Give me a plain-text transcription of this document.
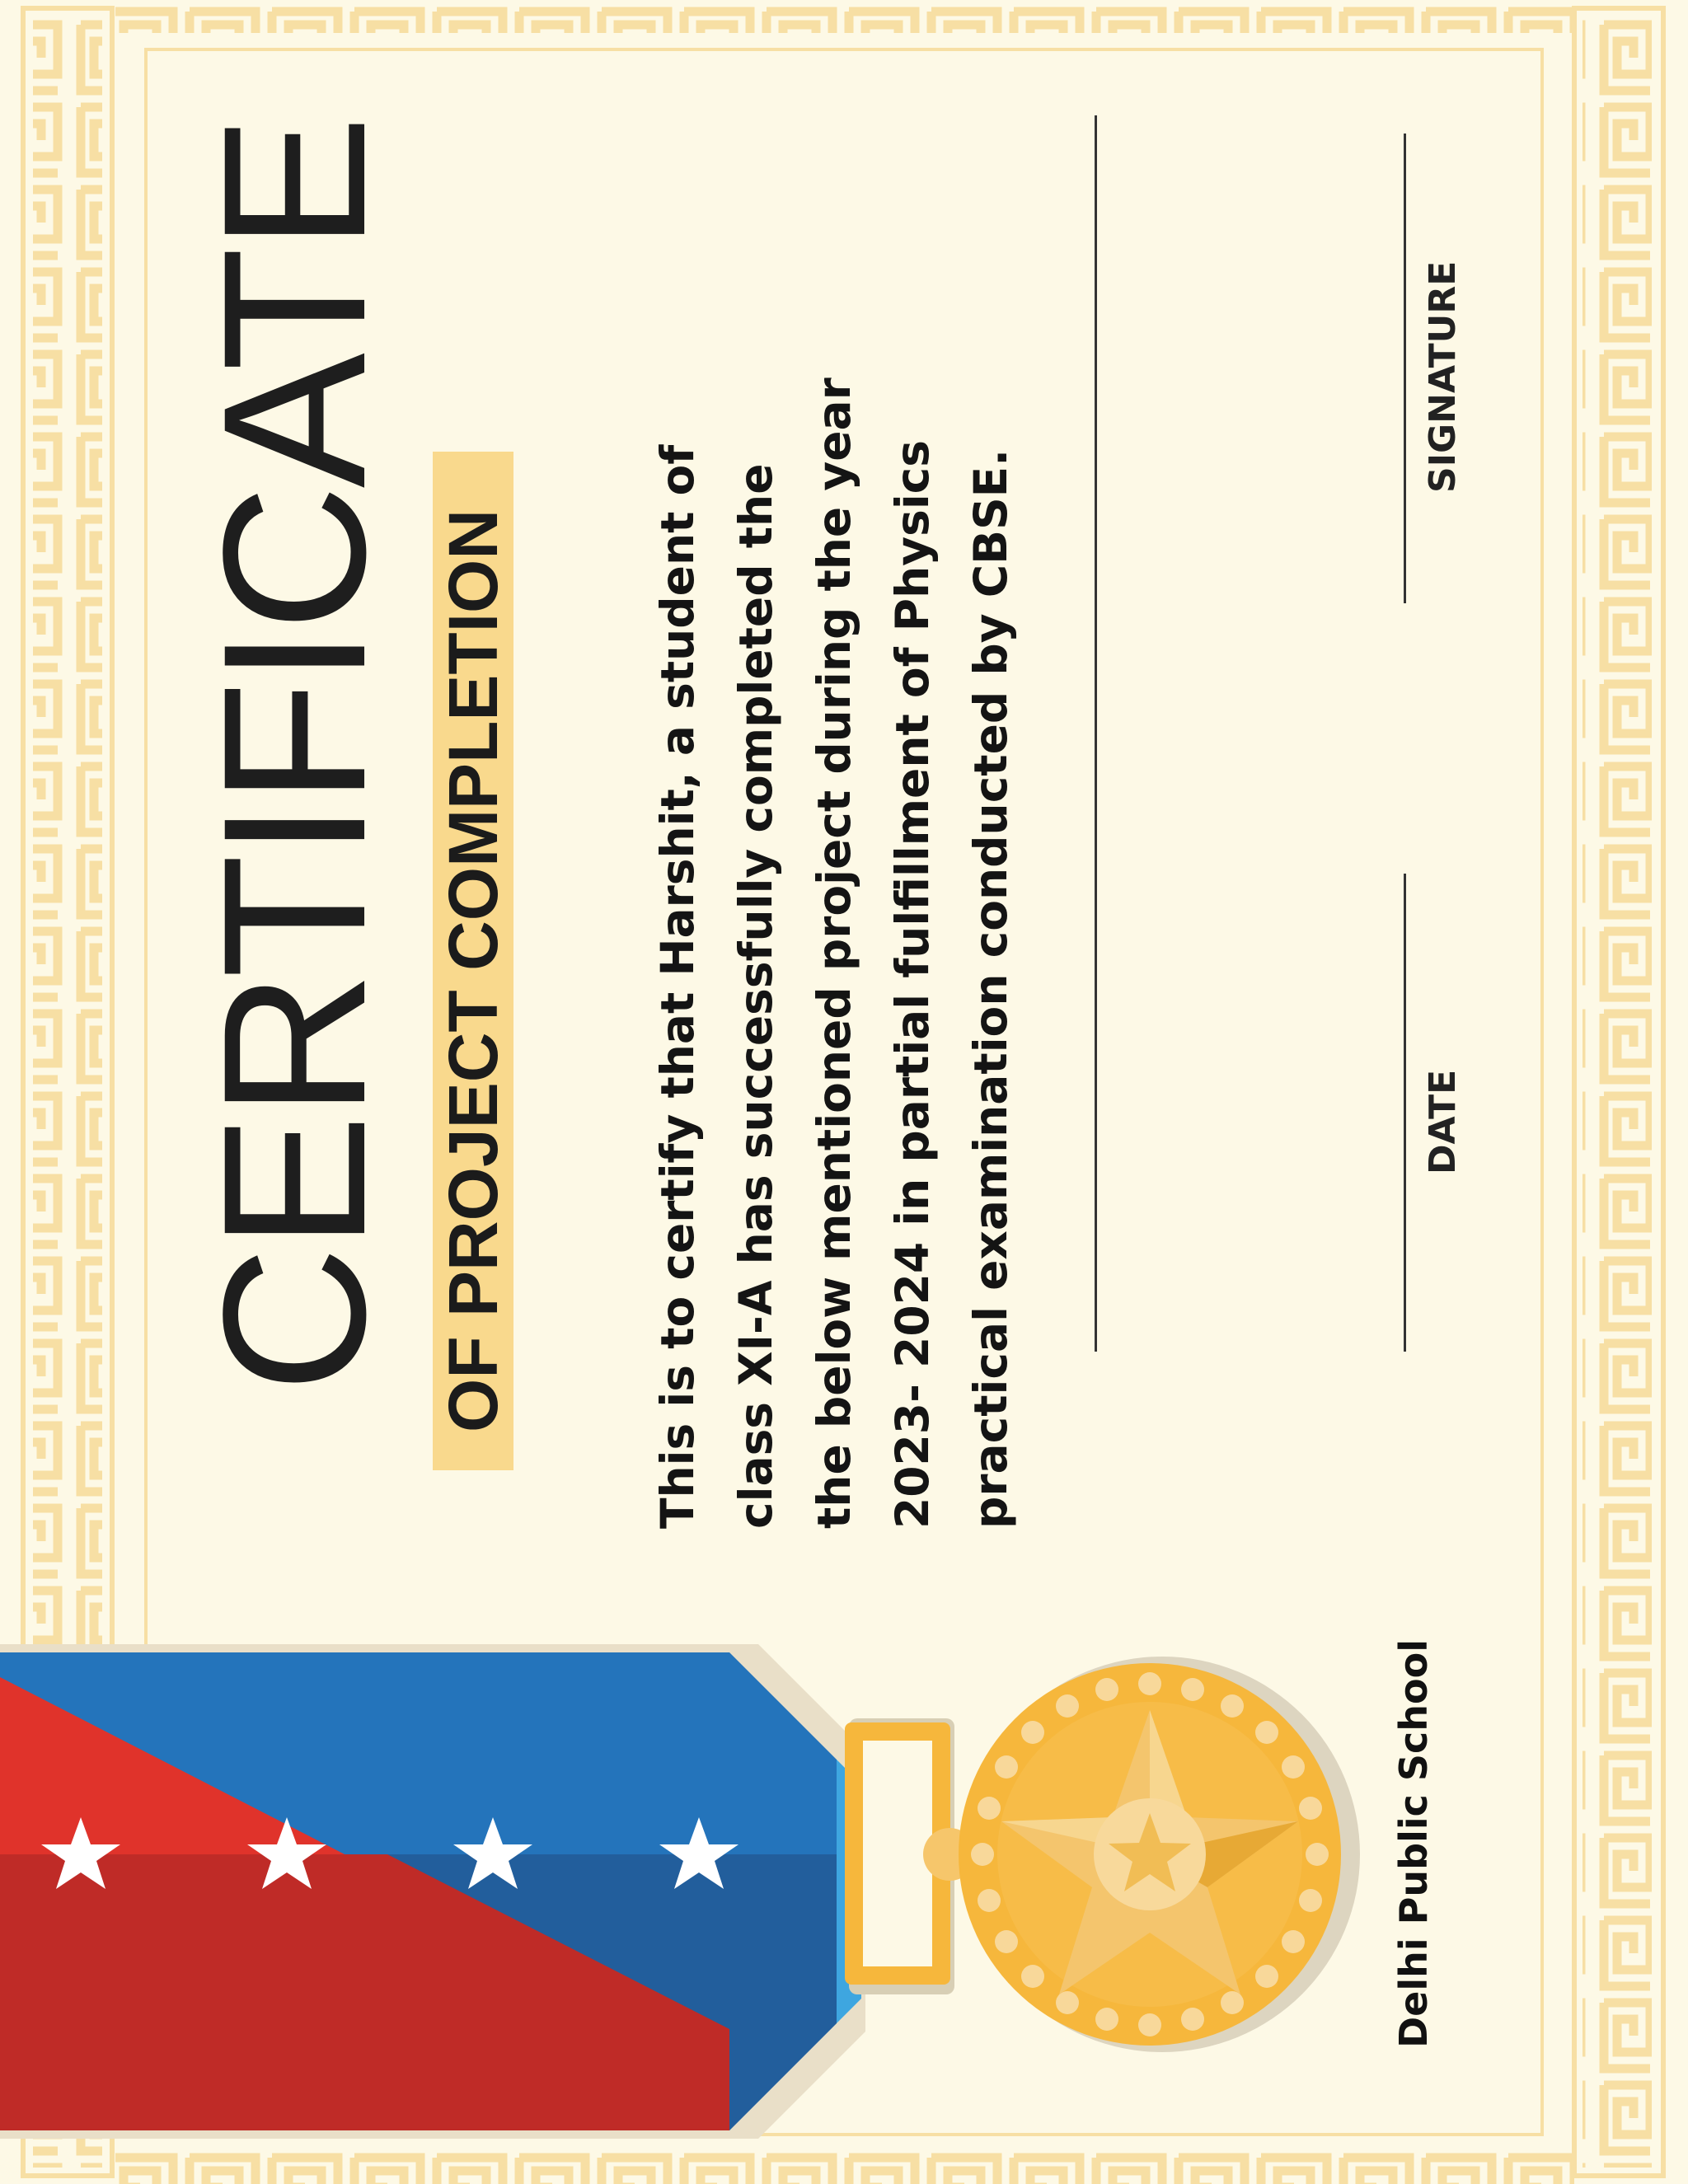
CERTIFICATE OF PROJECT COMPLETION	This is to certify that Harshit, a student of class XI-A has successfully completed the the below mentioned project during the year 2023- 2024 in partial fulfillment of Physics practical examination conducted by CBSE.	DATE
SIGNATURE
Delhi Public School
